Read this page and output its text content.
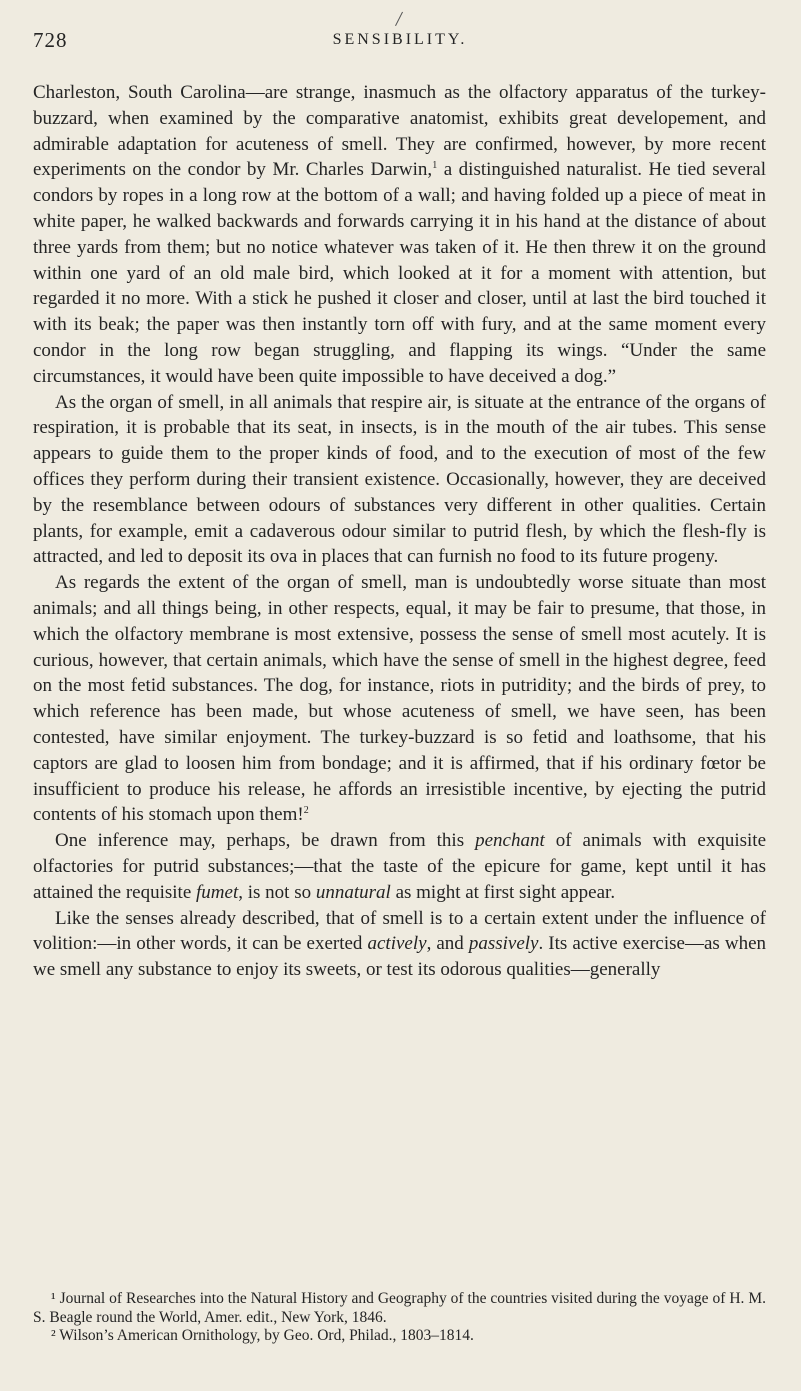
/
728	SENSIBILITY.

Charleston, South Carolina—are strange, inasmuch as the olfactory apparatus of the turkey-buzzard, when examined by the comparative anatomist, exhibits great developement, and admirable adaptation for acuteness of smell. They are confirmed, however, by more recent experiments on the condor by Mr. Charles Darwin,$^1$ a distinguished naturalist. He tied several condors by ropes in a long row at the bottom of a wall; and having folded up a piece of meat in white paper, he walked backwards and forwards carrying it in his hand at the distance of about three yards from them; but no notice whatever was taken of it. He then threw it on the ground within one yard of an old male bird, which looked at it for a moment with attention, but regarded it no more. With a stick he pushed it closer and closer, until at last the bird touched it with its beak; the paper was then instantly torn off with fury, and at the same moment every condor in the long row began struggling, and flapping its wings. “Under the same circumstances, it would have been quite impossible to have deceived a dog.”

As the organ of smell, in all animals that respire air, is situate at the entrance of the organs of respiration, it is probable that its seat, in insects, is in the mouth of the air tubes. This sense appears to guide them to the proper kinds of food, and to the execution of most of the few offices they perform during their transient existence. Occasionally, however, they are deceived by the resemblance between odours of substances very different in other qualities. Certain plants, for example, emit a cadaverous odour similar to putrid flesh, by which the flesh-fly is attracted, and led to deposit its ova in places that can furnish no food to its future progeny.

As regards the extent of the organ of smell, man is undoubtedly worse situate than most animals; and all things being, in other respects, equal, it may be fair to presume, that those, in which the olfactory membrane is most extensive, possess the sense of smell most acutely. It is curious, however, that certain animals, which have the sense of smell in the highest degree, feed on the most fetid substances. The dog, for instance, riots in putridity; and the birds of prey, to which reference has been made, but whose acuteness of smell, we have seen, has been contested, have similar enjoyment. The turkey-buzzard is so fetid and loathsome, that his captors are glad to loosen him from bondage; and it is affirmed, that if his ordinary fœtor be insufficient to produce his release, he affords an irresistible incentive, by ejecting the putrid contents of his stomach upon them!$^2$

One inference may, perhaps, be drawn from this penchant of animals with exquisite olfactories for putrid substances;—that the taste of the epicure for game, kept until it has attained the requisite fumet, is not so unnatural as might at first sight appear.

Like the senses already described, that of smell is to a certain extent under the influence of volition:—in other words, it can be exerted actively, and passively. Its active exercise—as when we smell any substance to enjoy its sweets, or test its odorous qualities—generally

¹ Journal of Researches into the Natural History and Geography of the countries visited during the voyage of H. M. S. Beagle round the World, Amer. edit., New York, 1846.

² Wilson’s American Ornithology, by Geo. Ord, Philad., 1803–1814.
